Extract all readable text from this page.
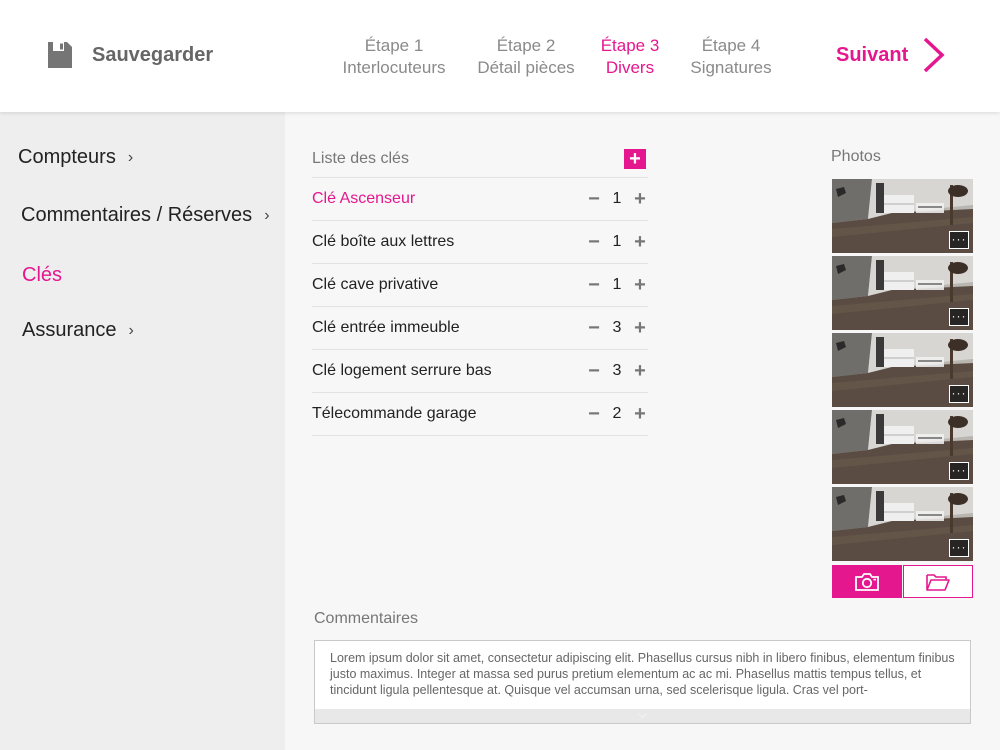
Sauvegarder	Étape 1
Interlocuteurs
Étape 2
Détail pièces
Étape 3
Divers
Étape 4
Signatures
Suivant
Compteurs ›
Commentaires / Réserves ›
Clés
Assurance ›
Liste des clés	+
Clé Ascenseur	− 1 +
Clé boîte aux lettres	− 1 +
Clé cave privative	− 1 +
Clé entrée immeuble	− 3 +
Clé logement serrure bas	− 3 +
Télecommande garage	− 2 +
Photos
···
···
···
···
···
Commentaires
Lorem ipsum dolor sit amet, consectetur adipiscing elit. Phasellus cursus nibh in libero finibus, elementum finibus justo maximus. Integer at massa sed purus pretium elementum ac ac mi. Phasellus mattis tempus tellus, et tincidunt ligula pellentesque at. Quisque vel accumsan urna, sed scelerisque ligula. Cras vel port-
⌵
